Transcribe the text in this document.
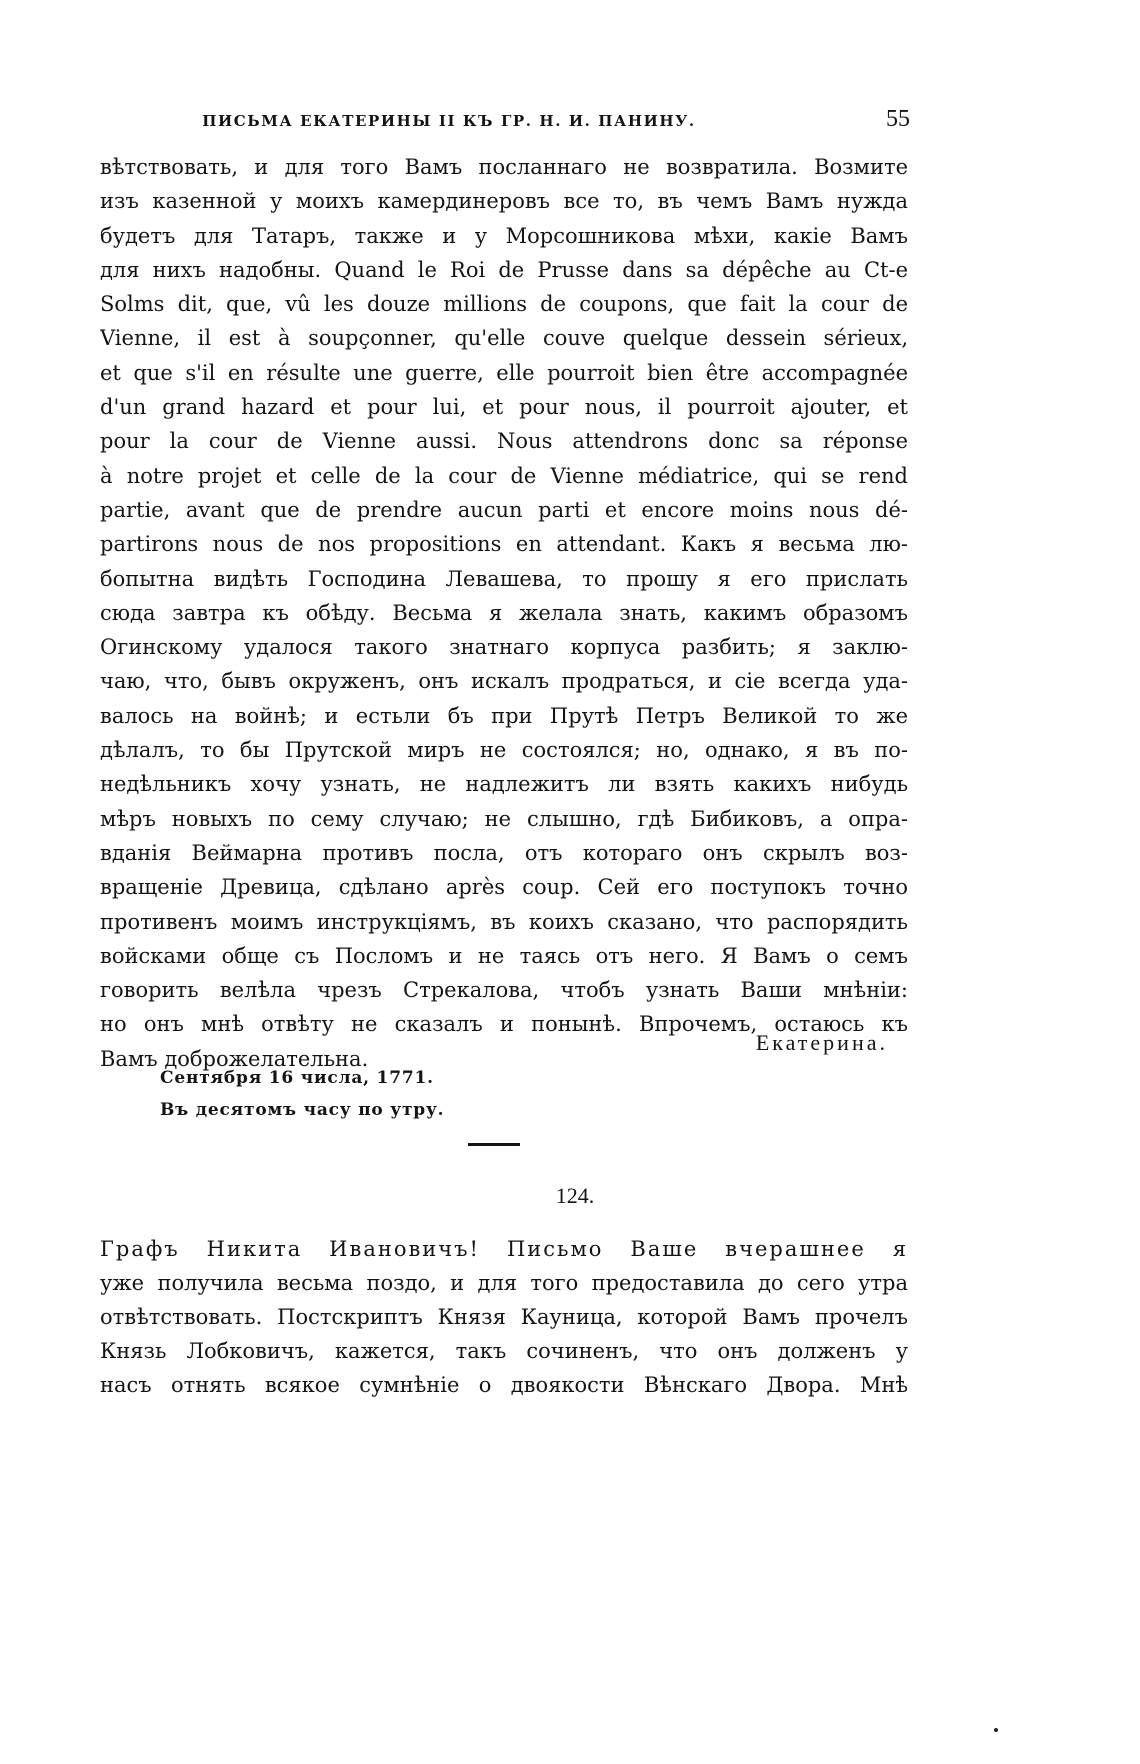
ПИСЬМА ЕКАТЕРИНЫ II КЪ ГР. Н. И. ПАНИНУ.	55
вѣтствовать, и для того Вамъ посланнаго не возвратила. Возмите
изъ казенной у моихъ камердинеровъ все то, въ чемъ Вамъ нужда
будетъ для Татаръ, также и у Морсошникова мѣхи, какіе Вамъ
для нихъ надобны. Quand le Roi de Prusse dans sa dépêche au Ct-e
Solms dit, que, vû les douze millions de coupons, que fait la cour de
Vienne, il est à soupçonner, qu'elle couve quelque dessein sérieux,
et que s'il en résulte une guerre, elle pourroit bien être accompagnée
d'un grand hazard et pour lui, et pour nous, il pourroit ajouter, et
pour la cour de Vienne aussi. Nous attendrons donc sa réponse
à notre projet et celle de la cour de Vienne médiatrice, qui se rend
partie, avant que de prendre aucun parti et encore moins nous dé-
partirons nous de nos propositions en attendant. Какъ я весьма лю-
бопытна видѣть Господина Левашева, то прошу я его прислать
сюда завтра къ обѣду. Весьма я желала знать, какимъ образомъ
Огинскому удалося такого знатнаго корпуса разбить; я заклю-
чаю, что, бывъ окруженъ, онъ искалъ продраться, и сіе всегда уда-
валось на войнѣ; и естьли бъ при Прутѣ Петръ Великой то же
дѣлалъ, то бы Прутской миръ не состоялся; но, однако, я въ по-
недѣльникъ хочу узнать, не надлежитъ ли взять какихъ нибудь
мѣръ новыхъ по сему случаю; не слышно, гдѣ Бибиковъ, а опра-
вданія Веймарна противъ посла, отъ котораго онъ скрылъ воз-
вращеніе Древица, сдѣлано après coup. Сей его поступокъ точно
противенъ моимъ инструкціямъ, въ коихъ сказано, что распорядить
войсками обще съ Посломъ и не таясь отъ него. Я Вамъ о семъ
говорить велѣла чрезъ Стрекалова, чтобъ узнать Ваши мнѣніи:
но онъ мнѣ отвѣту не сказалъ и понынѣ. Впрочемъ, остаюсь къ
Вамъ доброжелательна.
Екатерина.
Сентября 16 числа, 1771.
Въ десятомъ часу по утру.
124.
Графъ Никита Ивановичъ! Письмо Ваше вчерашнее я
уже получила весьма поздо, и для того предоставила до сего утра
отвѣтствовать. Постскриптъ Князя Кауница, которой Вамъ прочелъ
Князь Лобковичъ, кажется, такъ сочиненъ, что онъ долженъ у
насъ отнять всякое сумнѣніе о двоякости Вѣнскаго Двора. Мнѣ
